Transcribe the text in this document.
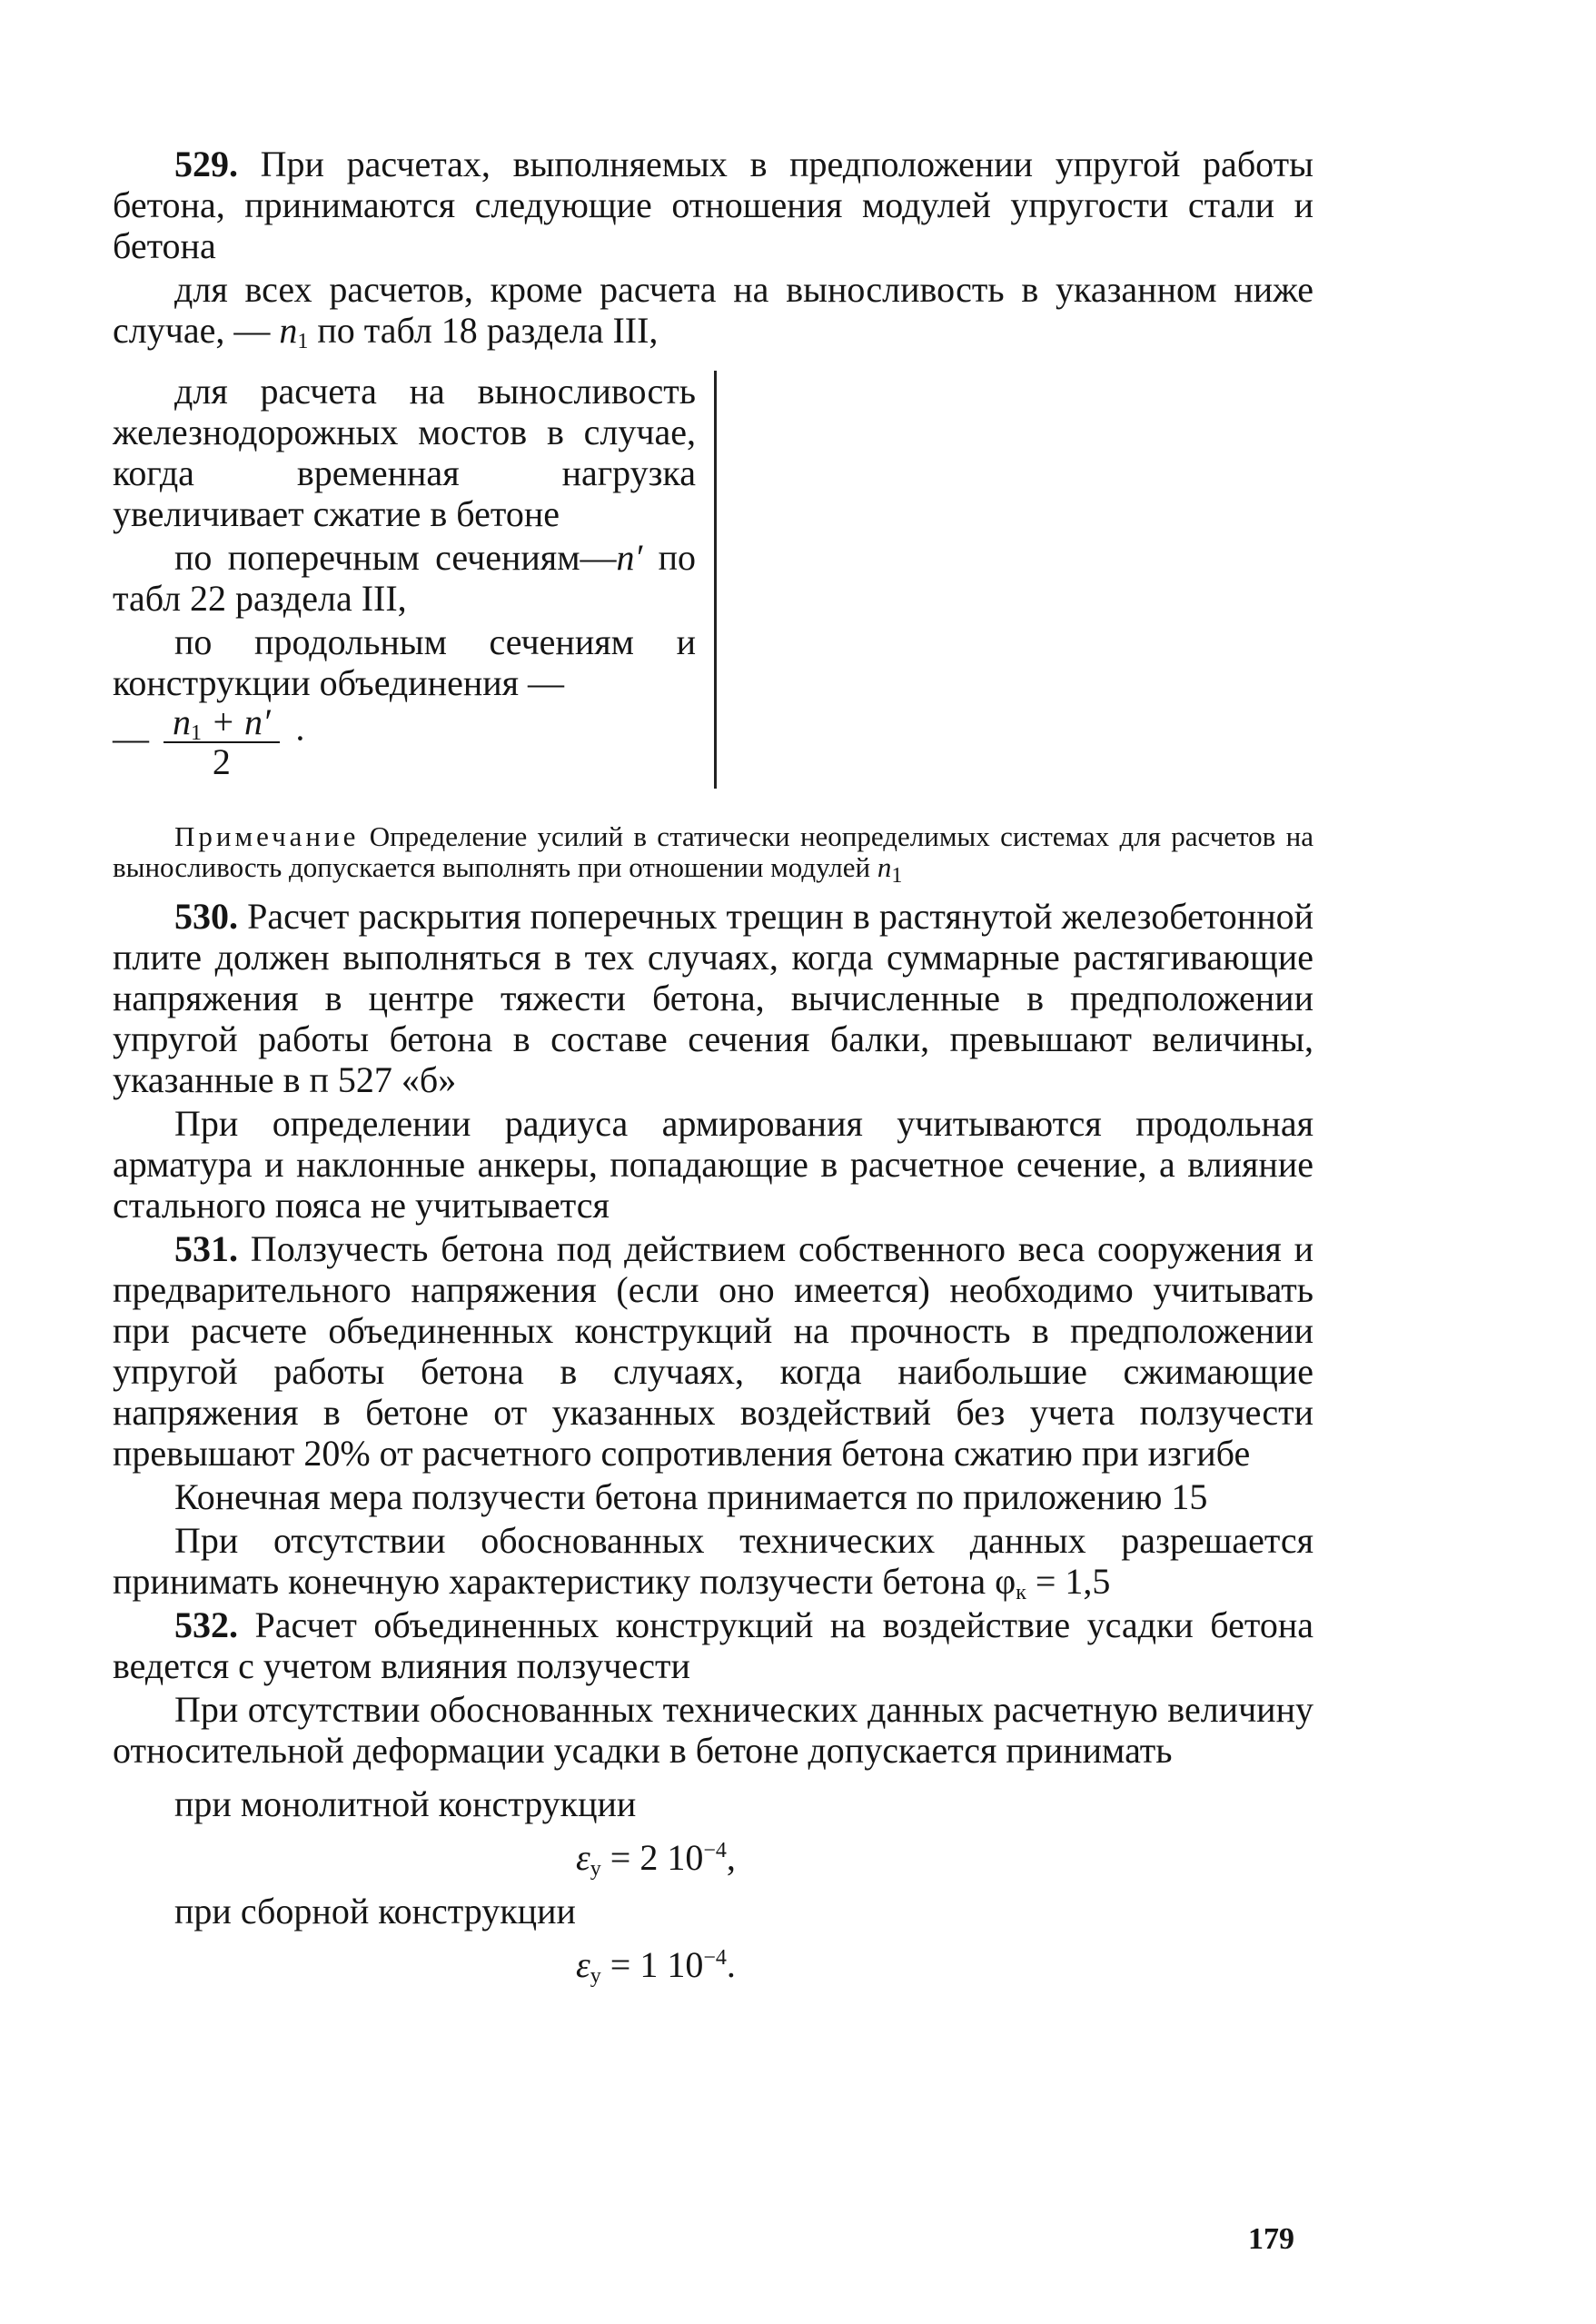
529. При расчетах, выполняемых в предположении упругой работы бетона, принимаются следующие отношения модулей упругости стали и бетона

для всех расчетов, кроме расчета на выносливость в указанном ниже случае, — $n_1$ по табл 18 раздела III,

для расчета на выносливость железнодорожных мостов в случае, когда временная нагрузка увеличивает сжатие в бетоне

по поперечным сечениям—n′ по табл 22 раздела III,

по продольным сечениям и конструкции объединения —

— $\frac{n_1 + n'}{2}$ ·

Примечание Определение усилий в статически неопределимых системах для расчетов на выносливость допускается выполнять при отношении модулей $n_1$

530. Расчет раскрытия поперечных трещин в растянутой железобетонной плите должен выполняться в тех случаях, когда суммарные растягивающие напряжения в центре тяжести бетона, вычисленные в предположении упругой работы бетона в составе сечения балки, превышают величины, указанные в п 527 «б»

При определении радиуса армирования учитываются продольная арматура и наклонные анкеры, попадающие в расчетное сечение, а влияние стального пояса не учитывается

531. Ползучесть бетона под действием собственного веса сооружения и предварительного напряжения (если оно имеется) необходимо учитывать при расчете объединенных конструкций на прочность в предположении упругой работы бетона в случаях, когда наибольшие сжимающие напряжения в бетоне от указанных воздействий без учета ползучести превышают 20% от расчетного сопротивления бетона сжатию при изгибе

Конечная мера ползучести бетона принимается по приложению 15

При отсутствии обоснованных технических данных разрешается принимать конечную характеристику ползучести бетона $\varphi_к = 1,5$

532. Расчет объединенных конструкций на воздействие усадки бетона ведется с учетом влияния ползучести

При отсутствии обоснованных технических данных расчетную величину относительной деформации усадки в бетоне допускается принимать

при монолитной конструкции

$\varepsilon_у = 2$ $10^{-4}$,

при сборной конструкции

$\varepsilon_у = 1$ $10^{-4}$.

179
